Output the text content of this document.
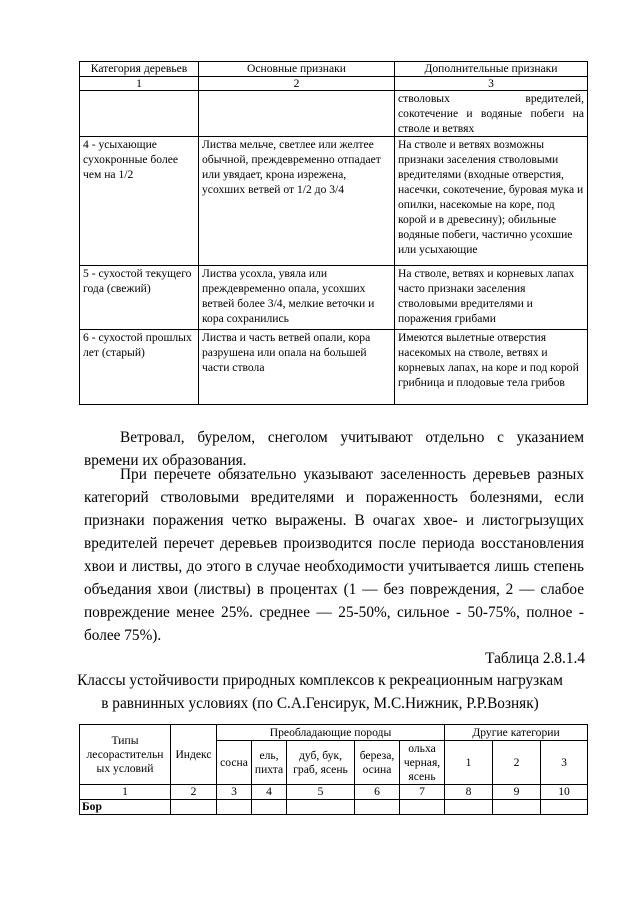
Категория деревьев	Основные признаки	Дополнительные признаки
1	2	3

		стволовых вредителей,
сокотечение и водяные побеги на стволе и ветвях

4 - усыхающие сухокронные более чем на 1/2	Листва мельче, светлее или желтее обычной, преждевременно отпадает или увядает, крона изрежена, усохших ветвей от 1/2 до 3/4	На стволе и ветвях возможны признаки заселения стволовыми вредителями (входные отверстия, насечки, сокотечение, буровая мука и опилки, насекомые на коре, под корой и в древесину); обильные водяные побеги, частично усохшие или усыхающие
5 - сухостой текущего года (свежий)	Листва усохла, увяла или преждевременно опала, усохших ветвей более 3/4, мелкие веточки и кора сохранились	На стволе, ветвях и корневых лапах часто признаки заселения стволовыми вредителями и поражения грибами
6 - сухостой прошлых лет (старый)	Листва и часть ветвей опали, кора разрушена или опала на большей части ствола	Имеются вылетные отверстия насекомых на стволе, ветвях и корневых лапах, на коре и под корой грибница и плодовые тела грибов

Ветровал, бурелом, снеголом учитывают отдельно с указанием времени их образования.

При перечете обязательно указывают заселенность деревьев разных категорий стволовыми вредителями и пораженность болезнями, если признаки поражения четко выражены. В очагах хвое- и листогрызущих вредителей перечет деревьев производится после периода восстановления хвои и листвы, до этого в случае необходимости учитывается лишь степень объедания хвои (листвы) в процентах (1 — без повреждения, 2 — слабое повреждение менее 25%. среднее — 25-50%, сильное - 50-75%, полное - более 75%).

Таблица 2.8.1.4

Классы устойчивости природных комплексов к рекреационным нагрузкам

в равнинных условиях (по С.А.Генсирук, М.С.Нижник, Р.Р.Возняк)

Типы лесорастительн ых условий	Индекс	Преобладающие породы					Другие категории		
		сосна	ель, пихта	дуб, бук, граб, ясень	береза, осина	ольха черная, ясень	1	2	3
1	2	3	4	5	6	7	8	9	10
Бор									
